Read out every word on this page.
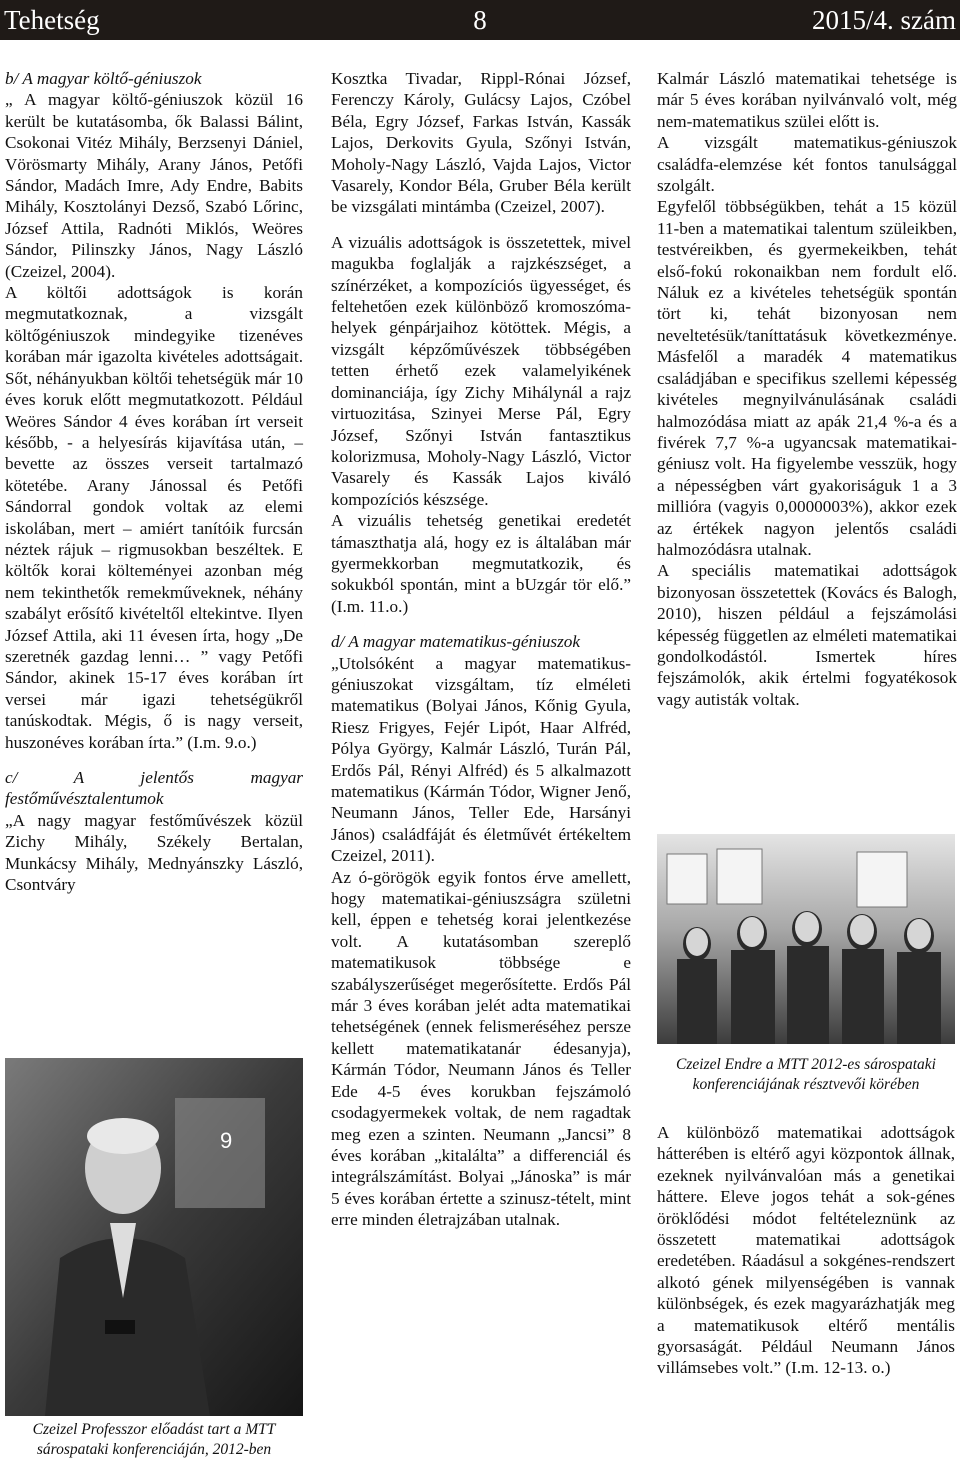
Tehetség	8	2015/4. szám

b/ A magyar költő-géniuszok

„ A magyar költő-géniuszok közül 16 került be kutatásomba, ők Balassi Bálint, Csokonai Vitéz Mihály, Berzsenyi Dániel, Vörösmarty Mihály, Arany János, Petőfi Sándor, Madách Imre, Ady Endre, Babits Mihály, Kosztolányi Dezső, Szabó Lőrinc, József Attila, Radnóti Miklós, Weöres Sándor, Pilinszky János, Nagy László (Czeizel, 2004).

A költői adottságok is korán megmutatkoznak, a vizsgált költőgéniuszok mindegyike tizenéves korában már igazolta kivételes adottságait. Sőt, néhányukban költői tehetségük már 10 éves koruk előtt megmutatkozott. Például Weöres Sándor 4 éves korában írt verseit később, - a helyesírás kijavítása után, – bevette az összes verseit tartalmazó kötetébe. Arany Jánossal és Petőfi Sándorral gondok voltak az elemi iskolában, mert – amiért tanítóik furcsán néztek rájuk – rigmusokban beszéltek. E költők korai költeményei azonban még nem tekinthetők remekműveknek, néhány szabályt erősítő kivételtől eltekintve. Ilyen József Attila, aki 11 évesen írta, hogy „De szeretnék gazdag lenni… ” vagy Petőfi Sándor, akinek 15-17 éves korában írt versei már igazi tehetségükről tanúskodtak. Mégis, ő is nagy verseit, huszonéves korában írta.” (I.m. 9.o.)

c/ A jelentős magyar festőművésztalentumok

„A nagy magyar festőművészek közül Zichy Mihály, Székely Bertalan, Munkácsy Mihály, Mednyánszky László, Csontváry

9
Czeizel Professzor előadást tart a MTT sárospataki konferenciáján, 2012-ben

Kosztka Tivadar, Rippl-Rónai József, Ferenczy Károly, Gulácsy Lajos, Czóbel Béla, Egry József, Farkas István, Kassák Lajos, Derkovits Gyula, Szőnyi István, Moholy-Nagy László, Vajda Lajos, Victor Vasarely, Kondor Béla, Gruber Béla került be vizsgálati mintámba (Czeizel, 2007).

A vizuális adottságok is összetettek, mivel magukba foglalják a rajzkészséget, a színérzéket, a kompozíciós ügyességet, és feltehetően ezek különböző kromoszóma-helyek génpárjaihoz kötöttek. Mégis, a vizsgált képzőművészek többségében tetten érhető ezek valamelyikének dominanciája, így Zichy Mihálynál a rajz virtuozitása, Szinyei Merse Pál, Egry József, Szőnyi István fantasztikus kolorizmusa, Moholy-Nagy László, Victor Vasarely és Kassák Lajos kiváló kompozíciós készsége.

A vizuális tehetség genetikai eredetét támaszthatja alá, hogy ez is általában már gyermekkorban megmutatkozik, és sokukból spontán, mint a bUzgár tör elő.” (I.m. 11.o.)

d/ A magyar matematikus-géniuszok

„Utolsóként a magyar matematikus-géniuszokat vizsgáltam, tíz elméleti matematikus (Bolyai János, Kőnig Gyula, Riesz Frigyes, Fejér Lipót, Haar Alfréd, Pólya György, Kalmár László, Turán Pál, Erdős Pál, Rényi Alfréd) és 5 alkalmazott matematikus (Kármán Tódor, Wigner Jenő, Neumann János, Teller Ede, Harsányi János) családfáját és életművét értékeltem Czeizel, 2011).

Az ó-görögök egyik fontos érve amellett, hogy matematikai-géniuszságra születni kell, éppen e tehetség korai jelentkezése volt. A kutatásomban szereplő matematikusok többsége e szabályszerűséget megerősítette. Erdős Pál már 3 éves korában jelét adta matematikai tehetségének (ennek felismeréséhez persze kellett matematikatanár édesanyja), Kármán Tódor, Neumann János és Teller Ede 4-5 éves korukban fejszámoló csodagyermekek voltak, de nem ragadtak meg ezen a szinten. Neumann „Jancsi” 8 éves korában „kitalálta” a differenciál és integrálszámítást. Bolyai „Jánoska” is már 5 éves korában értette a szinusz-tételt, mint erre minden életrajzában utalnak.

Kalmár László matematikai tehetsége is már 5 éves korában nyilvánvaló volt, még nem-matematikus szülei előtt is.

A vizsgált matematikus-géniuszok családfa-elemzése két fontos tanulsággal szolgált.

Egyfelől többségükben, tehát a 15 közül 11-ben a matematikai talentum szüleikben, testvéreikben, és gyermekeikben, tehát első-fokú rokonaikban nem fordult elő. Náluk ez a kivételes tehetségük spontán tört ki, tehát bizonyosan nem neveltetésük/taníttatásuk következménye. Másfelől a maradék 4 matematikus családjában e specifikus szellemi képesség kivételes megnyilvánulásának családi halmozódása miatt az apák 21,4 %-a és a fivérek 7,7 %-a ugyancsak matematikai-géniusz volt. Ha figyelembe vesszük, hogy a népességben várt gyakoriságuk 1 a 3 millióra (vagyis 0,0000003%), akkor ezek az értékek nagyon jelentős családi halmozódásra utalnak.

A speciális matematikai adottságok bizonyosan összetettek (Kovács és Balogh, 2010), hiszen például a fejszámolási képesség független az elméleti matematikai gondolkodástól. Ismertek híres fejszámolók, akik értelmi fogyatékosok vagy autisták voltak.

Czeizel Endre a MTT 2012-es sárospataki konferenciájának résztvevői körében

A különböző matematikai adottságok hátterében is eltérő agyi központok állnak, ezeknek nyilvánvalóan más a genetikai háttere. Eleve jogos tehát a sok-génes öröklődési módot feltételeznünk az összetett matematikai adottságok eredetében. Ráadásul a sokgénes-rendszert alkotó gének milyenségében is vannak különbségek, és ezek magyarázhatják meg a matematikusok eltérő mentális gyorsaságát. Például Neumann János villámsebes volt.” (I.m. 12-13. o.)
